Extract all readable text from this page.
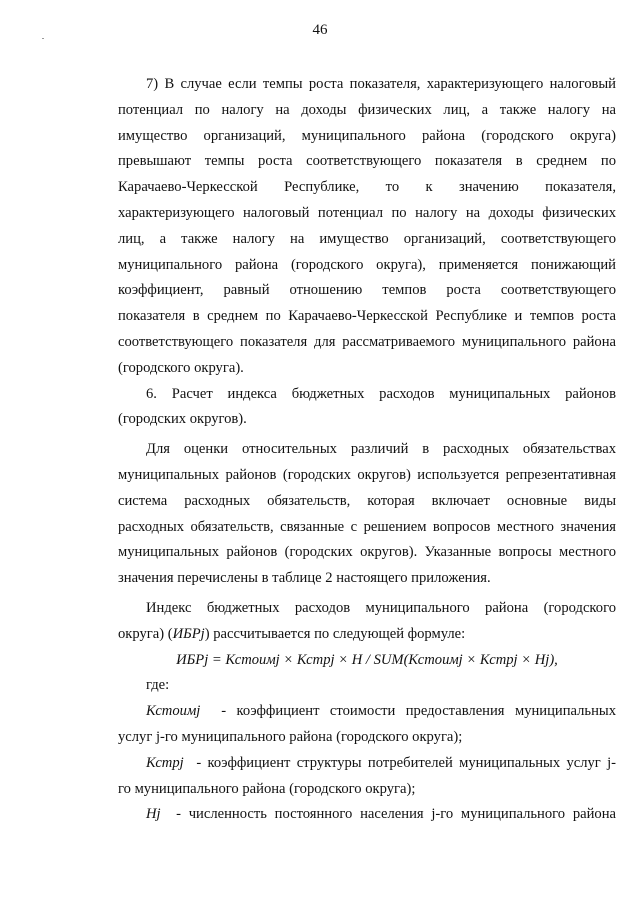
46

7) В случае если темпы роста показателя, характеризующего налоговый

потенциал по налогу на доходы физических лиц, а также налогу на

имущество организаций, муниципального района (городского округа)

превышают темпы роста соответствующего показателя в среднем по

Карачаево-Черкесской Республике, то к значению показателя,

характеризующего налоговый потенциал по налогу на доходы физических

лиц, а также налогу на имущество организаций, соответствующего

муниципального района (городского округа), применяется понижающий

коэффициент, равный отношению темпов роста соответствующего

показателя в среднем по Карачаево-Черкесской Республике и темпов роста

соответствующего показателя для рассматриваемого муниципального района

(городского округа).

6. Расчет индекса бюджетных расходов муниципальных районов

(городских округов).

Для оценки относительных различий в расходных обязательствах

муниципальных районов (городских округов) используется репрезентативная

система расходных обязательств, которая включает основные виды

расходных обязательств, связанные с решением вопросов местного значения

муниципальных районов (городских округов). Указанные вопросы местного

значения перечислены в таблице 2 настоящего приложения.

Индекс бюджетных расходов муниципального района (городского

округа) (ИБРj) рассчитывается по следующей формуле:

ИБРj = Кстоимj × Кстрj × Н / SUM(Кстоимj × Кстрj × Нj),

где:

Кстоимj - коэффициент стоимости предоставления муниципальных

услуг j-го муниципального района (городского округа);

Кстрj - коэффициент структуры потребителей муниципальных услуг j-

го муниципального района (городского округа);

Нj - численность постоянного населения j-го муниципального района
